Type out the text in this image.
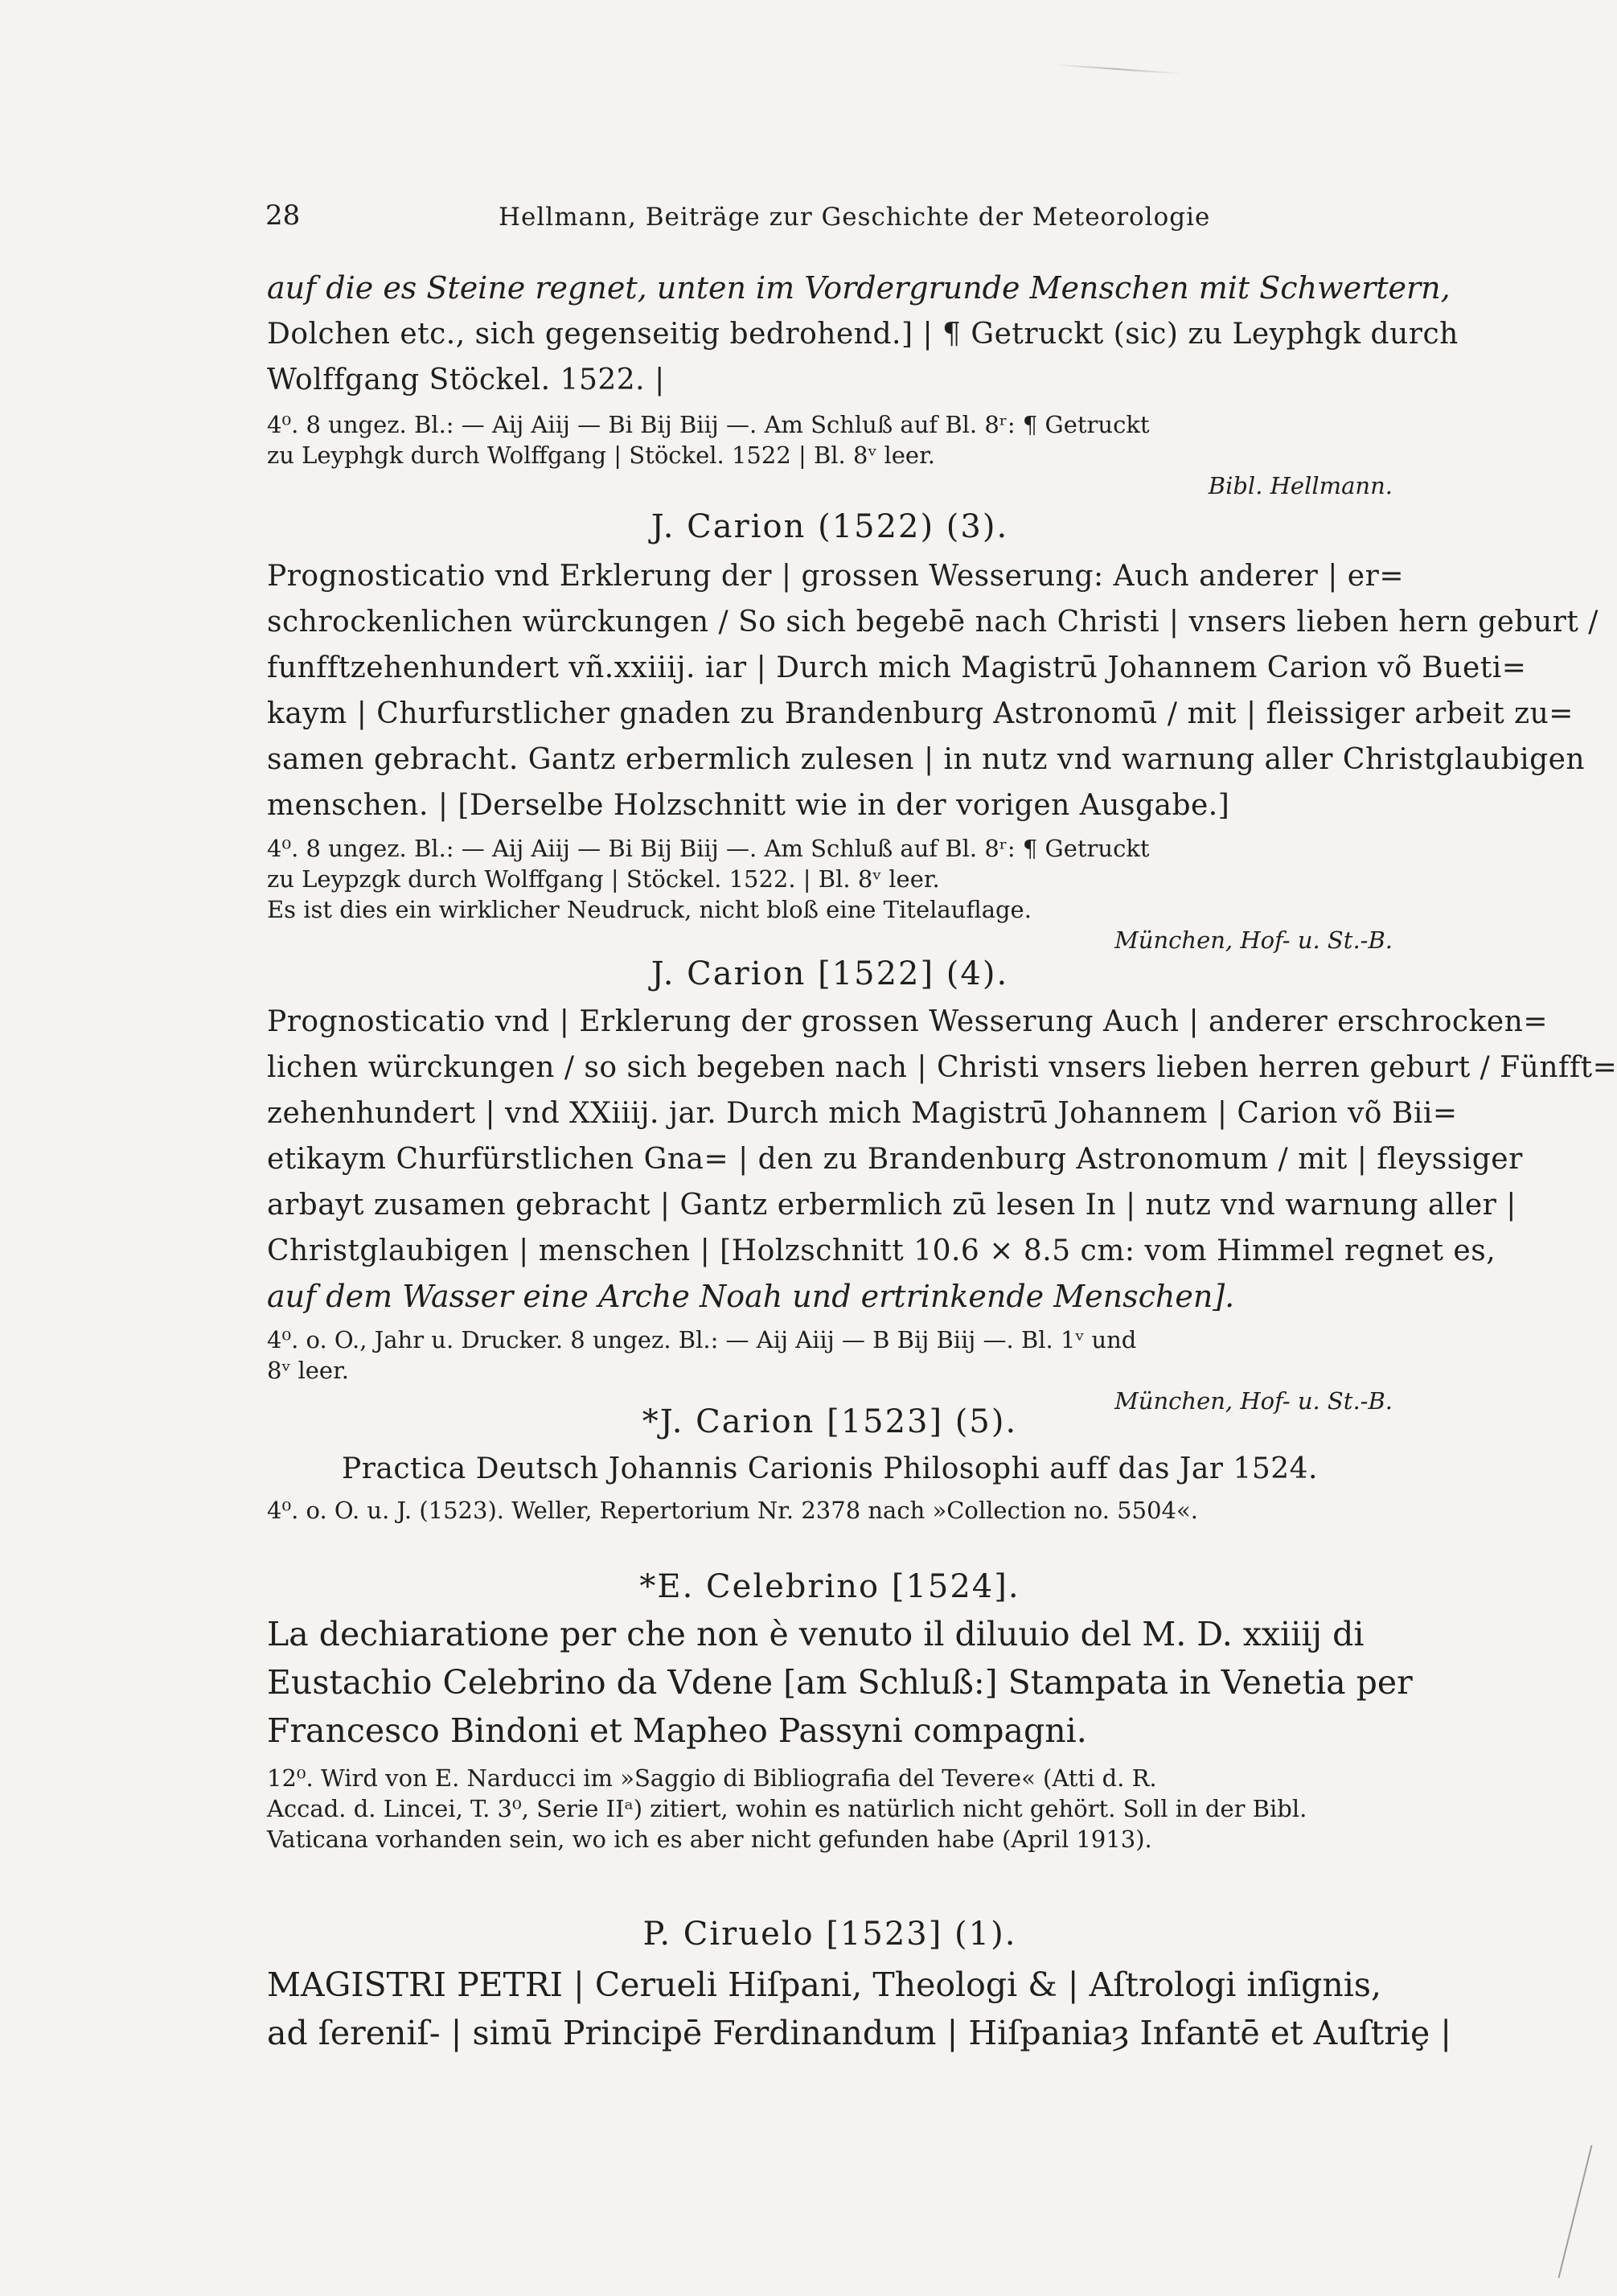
28	Hellmann, Beiträge zur Geschichte der Meteorologie
auf die es Steine regnet, unten im Vordergrunde Menschen mit Schwertern,
Dolchen etc., sich gegenseitig bedrohend.] | ¶ Getruckt (sic) zu Leyphgk durch
Wolffgang Stöckel. 1522. |
4⁰. 8 ungez. Bl.: — Aij Aiij — Bi Bij Biij —. Am Schluß auf Bl. 8ʳ: ¶ Getruckt
zu Leyphgk durch Wolffgang | Stöckel. 1522 | Bl. 8ᵛ leer.
Bibl. Hellmann.
J. Carion (1522) (3).
Prognosticatio vnd Erklerung der | grossen Wesserung: Auch anderer | er=
schrockenlichen würckungen / So sich begebē nach Christi | vnsers lieben hern geburt /
funfftzehenhundert vñ.xxiiij. iar | Durch mich Magistrū Johannem Carion võ Bueti=
kaym | Churfurstlicher gnaden zu Brandenburg Astronomū / mit | fleissiger arbeit zu=
samen gebracht. Gantz erbermlich zulesen | in nutz vnd warnung aller Christglaubigen
menschen. | [Derselbe Holzschnitt wie in der vorigen Ausgabe.]
4⁰. 8 ungez. Bl.: — Aij Aiij — Bi Bij Biij —. Am Schluß auf Bl. 8ʳ: ¶ Getruckt
zu Leypzgk durch Wolffgang | Stöckel. 1522. | Bl. 8ᵛ leer.
Es ist dies ein wirklicher Neudruck, nicht bloß eine Titelauflage.
München, Hof- u. St.-B.
J. Carion [1522] (4).
Prognosticatio vnd | Erklerung der grossen Wesserung Auch | anderer erschrocken=
lichen würckungen / so sich begeben nach | Christi vnsers lieben herren geburt / Fünfft=
zehenhundert | vnd XXiiij. jar. Durch mich Magistrū Johannem | Carion võ Bii=
etikaym Churfürstlichen Gna= | den zu Brandenburg Astronomum / mit | fleyssiger
arbayt zusamen gebracht | Gantz erbermlich zū lesen In | nutz vnd warnung aller |
Christglaubigen | menschen | [Holzschnitt 10.6 × 8.5 cm: vom Himmel regnet es,
auf dem Wasser eine Arche Noah und ertrinkende Menschen].
4⁰. o. O., Jahr u. Drucker. 8 ungez. Bl.: — Aij Aiij — B Bij Biij —. Bl. 1ᵛ und
8ᵛ leer.
München, Hof- u. St.-B.
*J. Carion [1523] (5).
Practica Deutsch Johannis Carionis Philosophi auff das Jar 1524.
4⁰. o. O. u. J. (1523). Weller, Repertorium Nr. 2378 nach »Collection no. 5504«.
*E. Celebrino [1524].
La dechiaratione per che non è venuto il diluuio del M. D. xxiiij di
Eustachio Celebrino da Vdene [am Schluß:] Stampata in Venetia per
Francesco Bindoni et Mapheo Passyni compagni.
12⁰. Wird von E. Narducci im »Saggio di Bibliografia del Tevere« (Atti d. R.
Accad. d. Lincei, T. 3⁰, Serie IIᵃ) zitiert, wohin es natürlich nicht gehört. Soll in der Bibl.
Vaticana vorhanden sein, wo ich es aber nicht gefunden habe (April 1913).
P. Ciruelo [1523] (1).
MAGISTRI PETRI | Cerueli Hiſpani, Theologi & | Aſtrologi inſignis,
ad ſereniſ- | simū Principē Ferdinandum | Hiſpaniaȝ Infantē et Auſtriȩ |
